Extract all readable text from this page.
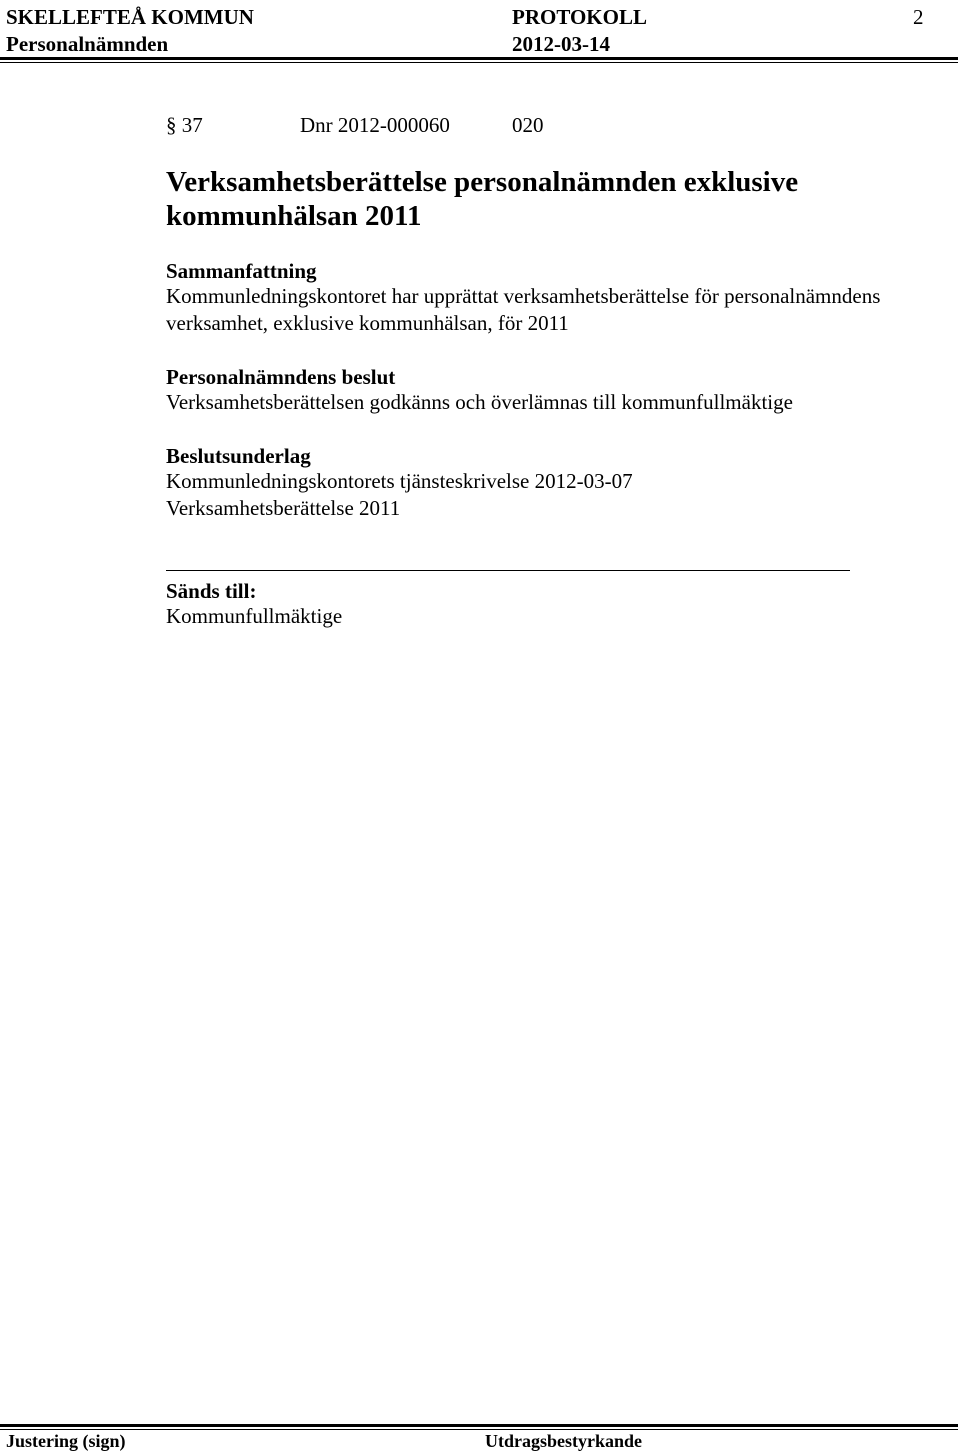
SKELLEFTEÅ KOMMUN	PROTOKOLL	2
Personalnämnden	2012-03-14
§ 37	Dnr 2012-000060	020
Verksamhetsberättelse personalnämnden exklusive
kommunhälsan 2011
Sammanfattning
Kommunledningskontoret har upprättat verksamhetsberättelse för personalnämndens
verksamhet, exklusive kommunhälsan, för 2011
Personalnämndens beslut
Verksamhetsberättelsen godkänns och överlämnas till kommunfullmäktige
Beslutsunderlag
Kommunledningskontorets tjänsteskrivelse 2012-03-07
Verksamhetsberättelse 2011
Sänds till:
Kommunfullmäktige
Justering (sign)	Utdragsbestyrkande
